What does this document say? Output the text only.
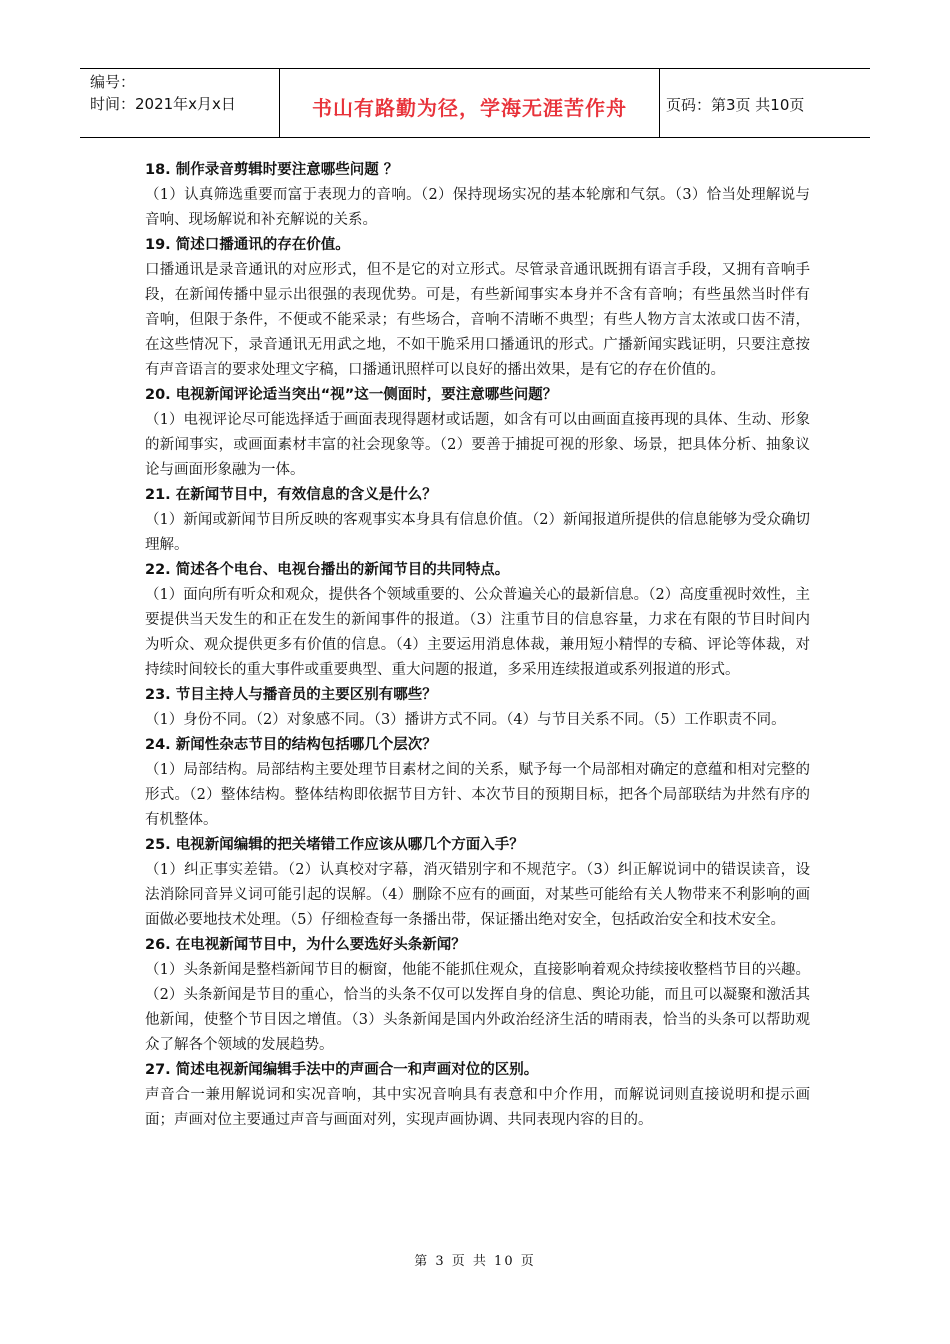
编号：
时间：2021年x月x日	书山有路勤为径，学海无涯苦作舟	页码：第3页 共10页

18. 制作录音剪辑时要注意哪些问题 ？

（1）认真筛选重要而富于表现力的音响。（2）保持现场实况的基本轮廓和气氛。（3）恰当处理解说与音响、现场解说和补充解说的关系。

19. 简述口播通讯的存在价值。

口播通讯是录音通讯的对应形式，但不是它的对立形式。尽管录音通讯既拥有语言手段，又拥有音响手段，在新闻传播中显示出很强的表现优势。可是，有些新闻事实本身并不含有音响；有些虽然当时伴有音响，但限于条件，不便或不能采录；有些场合，音响不清晰不典型；有些人物方言太浓或口齿不清，在这些情况下，录音通讯无用武之地，不如干脆采用口播通讯的形式。广播新闻实践证明，只要注意按有声音语言的要求处理文字稿，口播通讯照样可以良好的播出效果，是有它的存在价值的。

20. 电视新闻评论适当突出“视”这一侧面时，要注意哪些问题？

（1）电视评论尽可能选择适于画面表现得题材或话题，如含有可以由画面直接再现的具体、生动、形象的新闻事实，或画面素材丰富的社会现象等。（2）要善于捕捉可视的形象、场景，把具体分析、抽象议论与画面形象融为一体。

21. 在新闻节目中，有效信息的含义是什么？

（1）新闻或新闻节目所反映的客观事实本身具有信息价值。（2）新闻报道所提供的信息能够为受众确切理解。

22. 简述各个电台、电视台播出的新闻节目的共同特点。

（1）面向所有听众和观众，提供各个领域重要的、公众普遍关心的最新信息。（2）高度重视时效性，主要提供当天发生的和正在发生的新闻事件的报道。（3）注重节目的信息容量，力求在有限的节目时间内为听众、观众提供更多有价值的信息。（4）主要运用消息体裁，兼用短小精悍的专稿、评论等体裁，对持续时间较长的重大事件或重要典型、重大问题的报道，多采用连续报道或系列报道的形式。

23. 节目主持人与播音员的主要区别有哪些？

（1）身份不同。（2）对象感不同。（3）播讲方式不同。（4）与节目关系不同。（5）工作职责不同。

24. 新闻性杂志节目的结构包括哪几个层次？

（1）局部结构。局部结构主要处理节目素材之间的关系，赋予每一个局部相对确定的意蕴和相对完整的形式。（2）整体结构。整体结构即依据节目方针、本次节目的预期目标，把各个局部联结为井然有序的有机整体。

25. 电视新闻编辑的把关堵错工作应该从哪几个方面入手？

（1）纠正事实差错。（2）认真校对字幕，消灭错别字和不规范字。（3）纠正解说词中的错误读音，设法消除同音异义词可能引起的误解。（4）删除不应有的画面，对某些可能给有关人物带来不利影响的画面做必要地技术处理。（5）仔细检查每一条播出带，保证播出绝对安全，包括政治安全和技术安全。

26. 在电视新闻节目中，为什么要选好头条新闻？

（1）头条新闻是整档新闻节目的橱窗，他能不能抓住观众，直接影响着观众持续接收整档节目的兴趣。（2）头条新闻是节目的重心，恰当的头条不仅可以发挥自身的信息、舆论功能，而且可以凝聚和激活其他新闻，使整个节目因之增值。（3）头条新闻是国内外政治经济生活的晴雨表，恰当的头条可以帮助观众了解各个领域的发展趋势。

27. 简述电视新闻编辑手法中的声画合一和声画对位的区别。

声音合一兼用解说词和实况音响，其中实况音响具有表意和中介作用，而解说词则直接说明和提示画面；声画对位主要通过声音与画面对列，实现声画协调、共同表现内容的目的。

第 3 页 共 10 页
